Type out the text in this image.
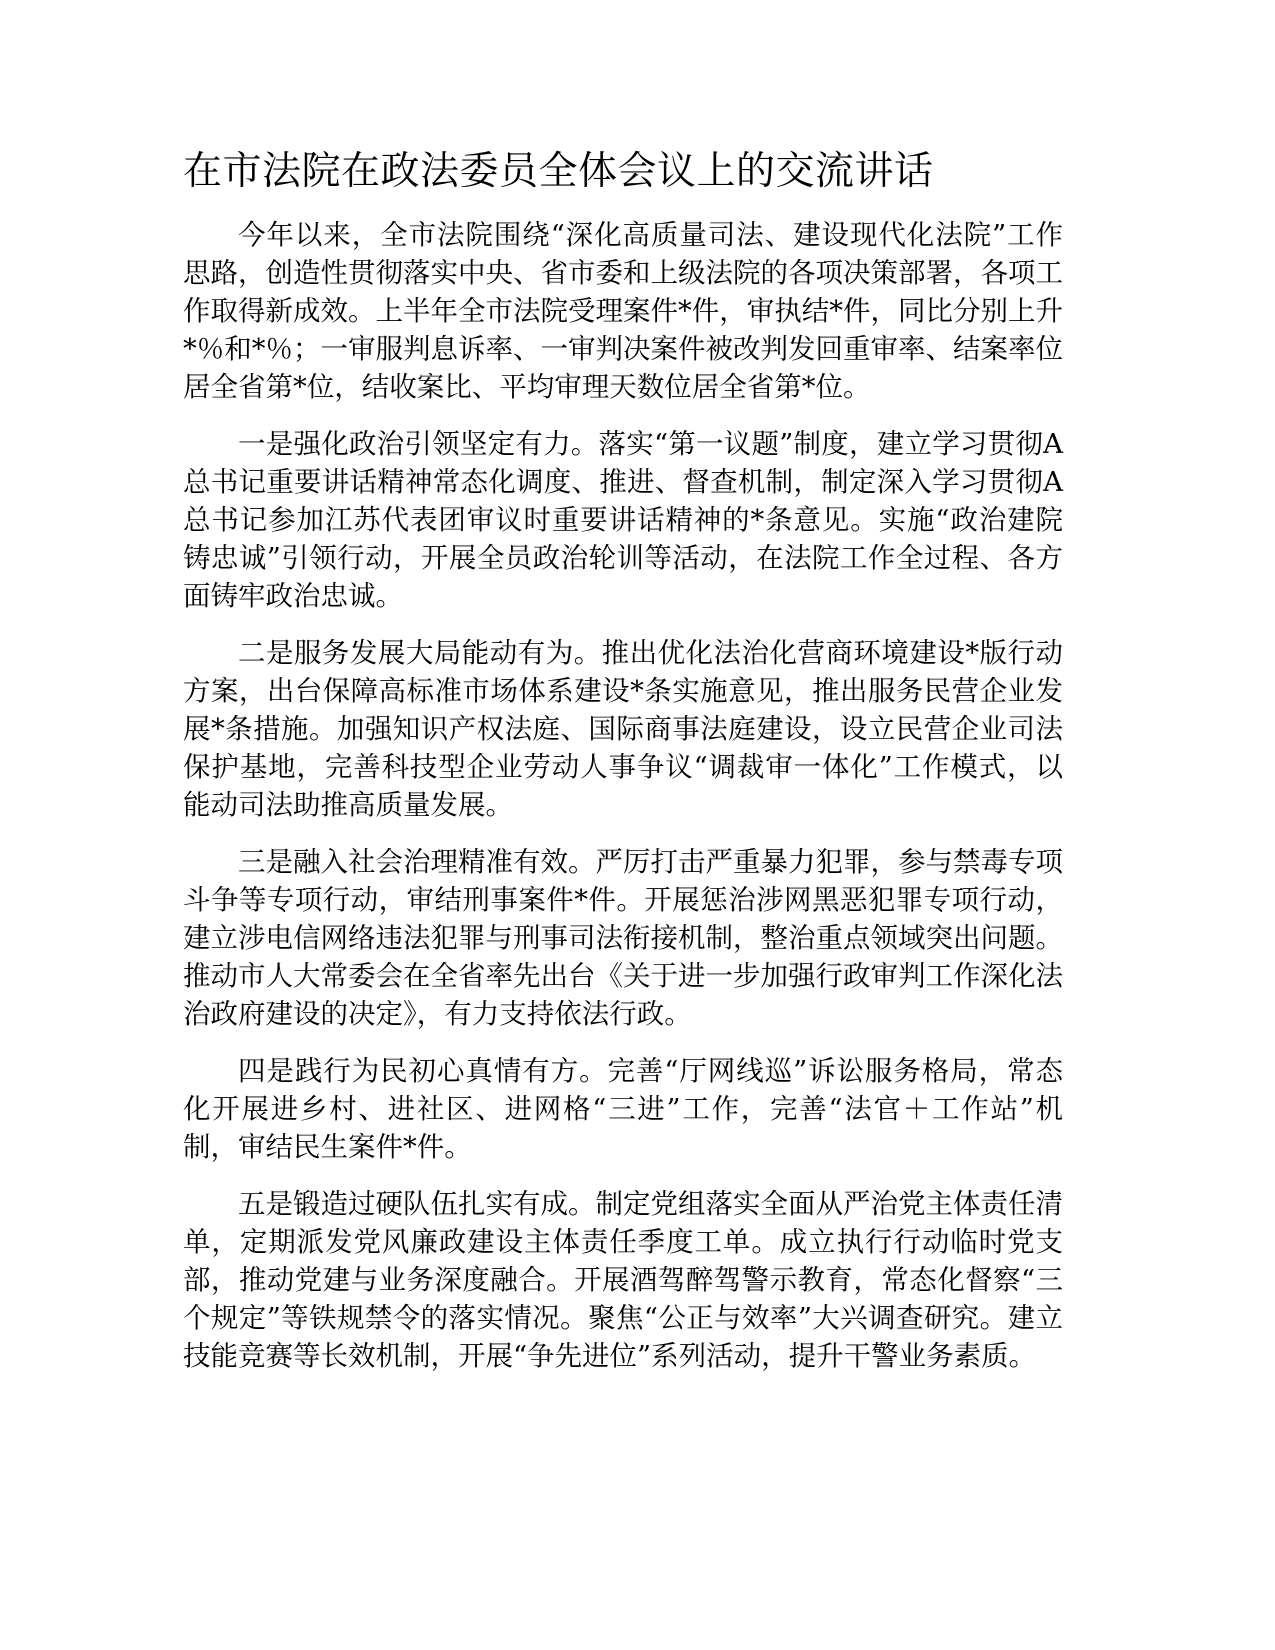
在市法院在政法委员全体会议上的交流讲话

今年以来，全市法院围绕“深化高质量司法、建设现代化法院”工作思路，创造性贯彻落实中央、省市委和上级法院的各项决策部署，各项工作取得新成效。上半年全市法院受理案件*件，审执结*件，同比分别上升*％和*％；一审服判息诉率、一审判决案件被改判发回重审率、结案率位居全省第*位，结收案比、平均审理天数位居全省第*位。

一是强化政治引领坚定有力。落实“第一议题”制度，建立学习贯彻A总书记重要讲话精神常态化调度、推进、督查机制，制定深入学习贯彻A总书记参加江苏代表团审议时重要讲话精神的*条意见。实施“政治建院铸忠诚”引领行动，开展全员政治轮训等活动，在法院工作全过程、各方面铸牢政治忠诚。

二是服务发展大局能动有为。推出优化法治化营商环境建设*版行动方案，出台保障高标准市场体系建设*条实施意见，推出服务民营企业发展*条措施。加强知识产权法庭、国际商事法庭建设，设立民营企业司法保护基地，完善科技型企业劳动人事争议“调裁审一体化”工作模式，以能动司法助推高质量发展。

三是融入社会治理精准有效。严厉打击严重暴力犯罪，参与禁毒专项斗争等专项行动，审结刑事案件*件。开展惩治涉网黑恶犯罪专项行动，建立涉电信网络违法犯罪与刑事司法衔接机制，整治重点领域突出问题。推动市人大常委会在全省率先出台《关于进一步加强行政审判工作深化法治政府建设的决定》，有力支持依法行政。

四是践行为民初心真情有方。完善“厅网线巡”诉讼服务格局，常态化开展进乡村、进社区、进网格“三进”工作，完善“法官＋工作站”机制，审结民生案件*件。

五是锻造过硬队伍扎实有成。制定党组落实全面从严治党主体责任清单，定期派发党风廉政建设主体责任季度工单。成立执行行动临时党支部，推动党建与业务深度融合。开展酒驾醉驾警示教育，常态化督察“三个规定”等铁规禁令的落实情况。聚焦“公正与效率”大兴调查研究。建立技能竞赛等长效机制，开展“争先进位”系列活动，提升干警业务素质。
